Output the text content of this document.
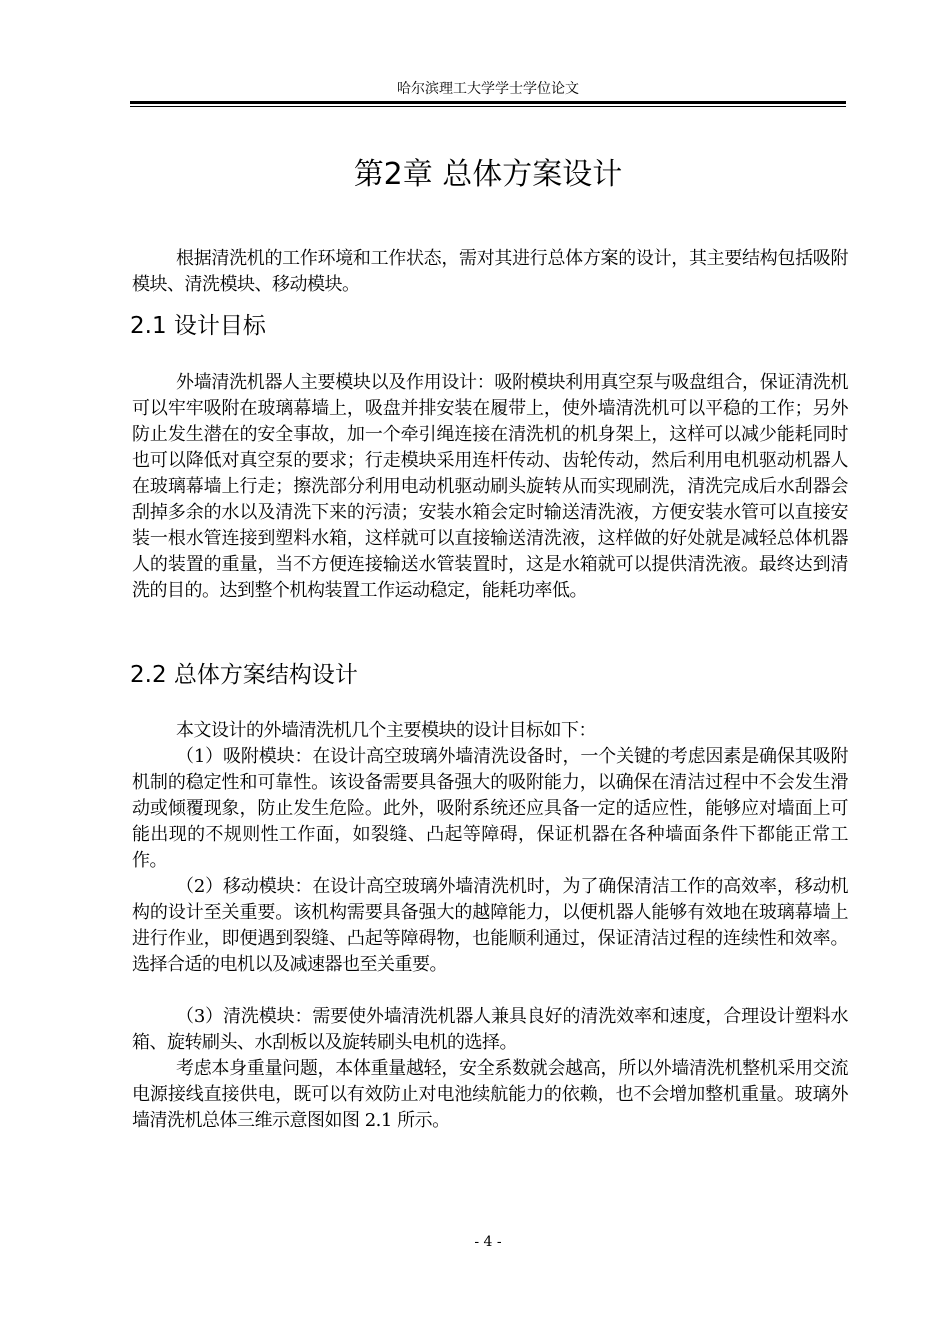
哈尔滨理工大学学士学位论文
第2章 总体方案设计

根据清洗机的工作环境和工作状态，需对其进行总体方案的设计，其主要结构包括吸附模块、清洗模块、移动模块。

2.1 设计目标

外墙清洗机器人主要模块以及作用设计：吸附模块利用真空泵与吸盘组合，保证清洗机可以牢牢吸附在玻璃幕墙上，吸盘并排安装在履带上，使外墙清洗机可以平稳的工作；另外防止发生潜在的安全事故，加一个牵引绳连接在清洗机的机身架上，这样可以减少能耗同时也可以降低对真空泵的要求；行走模块采用连杆传动、齿轮传动，然后利用电机驱动机器人在玻璃幕墙上行走；擦洗部分利用电动机驱动刷头旋转从而实现刷洗，清洗完成后水刮器会刮掉多余的水以及清洗下来的污渍；安装水箱会定时输送清洗液，方便安装水管可以直接安装一根水管连接到塑料水箱，这样就可以直接输送清洗液，这样做的好处就是减轻总体机器人的装置的重量，当不方便连接输送水管装置时，这是水箱就可以提供清洗液。最终达到清洗的目的。达到整个机构装置工作运动稳定，能耗功率低。

2.2 总体方案结构设计

本文设计的外墙清洗机几个主要模块的设计目标如下：

（1）吸附模块：在设计高空玻璃外墙清洗设备时，一个关键的考虑因素是确保其吸附机制的稳定性和可靠性。该设备需要具备强大的吸附能力，以确保在清洁过程中不会发生滑动或倾覆现象，防止发生危险。此外，吸附系统还应具备一定的适应性，能够应对墙面上可能出现的不规则性工作面，如裂缝、凸起等障碍，保证机器在各种墙面条件下都能正常工作。

（2）移动模块：在设计高空玻璃外墙清洗机时，为了确保清洁工作的高效率，移动机构的设计至关重要。该机构需要具备强大的越障能力，以便机器人能够有效地在玻璃幕墙上进行作业，即便遇到裂缝、凸起等障碍物，也能顺利通过，保证清洁过程的连续性和效率。选择合适的电机以及减速器也至关重要。

（3）清洗模块：需要使外墙清洗机器人兼具良好的清洗效率和速度，合理设计塑料水箱、旋转刷头、水刮板以及旋转刷头电机的选择。

考虑本身重量问题，本体重量越轻，安全系数就会越高，所以外墙清洗机整机采用交流电源接线直接供电，既可以有效防止对电池续航能力的依赖，也不会增加整机重量。玻璃外墙清洗机总体三维示意图如图 2.1 所示。

- 4 -
